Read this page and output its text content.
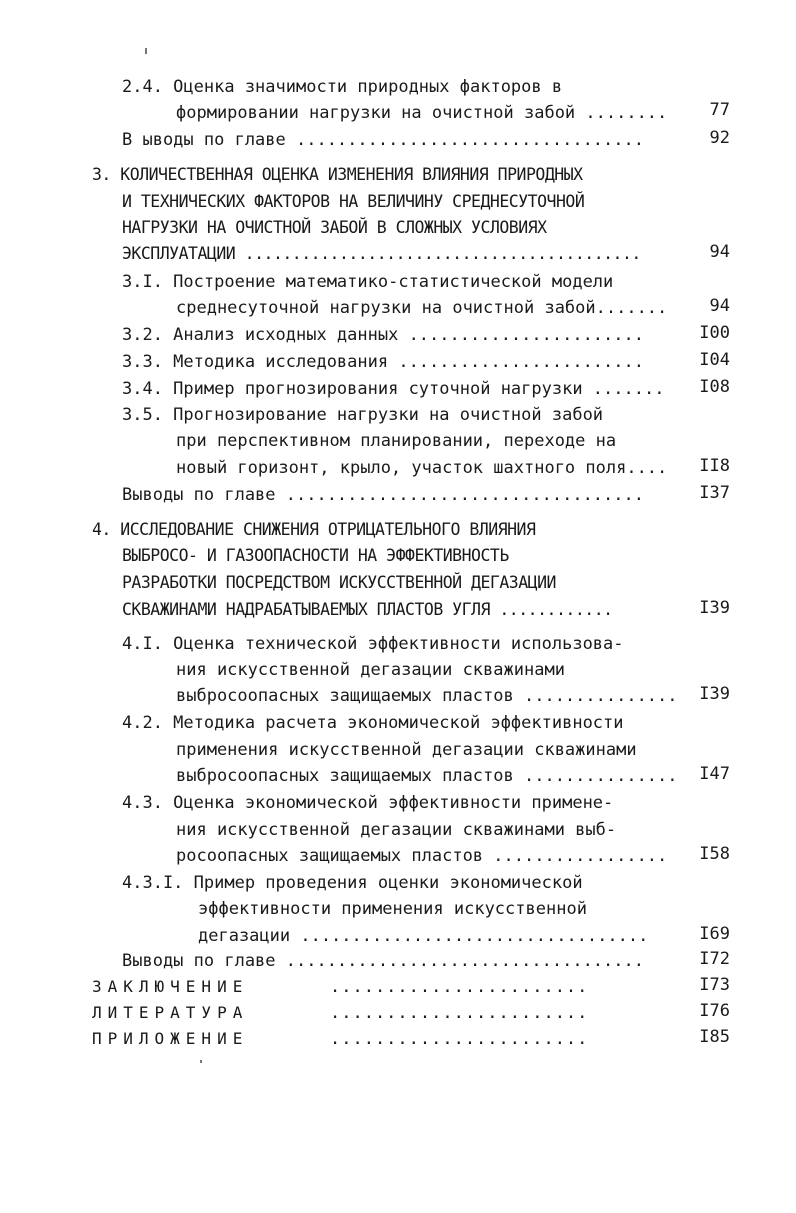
2.4. Оценка значимости природных факторов в
формировании нагрузки на очистной забой ........	77
В ыводы по главе ..................................	92
3. КОЛИЧЕСТВЕННАЯ ОЦЕНКА ИЗМЕНЕНИЯ ВЛИЯНИЯ ПРИРОДНЫХ
И ТЕХНИЧЕСКИХ ФАКТОРОВ НА ВЕЛИЧИНУ СРЕДНЕСУТОЧНОЙ
НАГРУЗКИ НА ОЧИСТНОЙ ЗАБОЙ В СЛОЖНЫХ УСЛОВИЯХ
ЭКСПЛУАТАЦИИ ..........................................	94
3.I. Построение математико-статистической модели
среднесуточной нагрузки на очистной забой.......	94
3.2. Анализ исходных данных .......................	I00
3.3. Методика исследования ........................	I04
3.4. Пример прогнозирования суточной нагрузки .......	I08
3.5. Прогнозирование нагрузки на очистной забой
при перспективном планировании, переходе на
новый горизонт, крыло, участок шахтного поля....	II8
Выводы по главе ...................................	I37
4. ИССЛЕДОВАНИЕ СНИЖЕНИЯ ОТРИЦАТЕЛЬНОГО ВЛИЯНИЯ
ВЫБРОСО- И ГАЗООПАСНОСТИ НА ЭФФЕКТИВНОСТЬ
РАЗРАБОТКИ ПОСРЕДСТВОМ ИСКУССТВЕННОЙ ДЕГАЗАЦИИ
СКВАЖИНАМИ НАДРАБАТЫВАЕМЫХ ПЛАСТОВ УГЛЯ ............	I39
4.I. Оценка технической эффективности использова-
ния искусственной дегазации скважинами
выбросоопасных защищаемых пластов ...............	I39
4.2. Методика расчета экономической эффективности
применения искусственной дегазации скважинами
выбросоопасных защищаемых пластов ...............	I47
4.3. Оценка экономической эффективности примене-
ния искусственной дегазации скважинами выб-
росоопасных защищаемых пластов .................	I58
4.3.I. Пример проведения оценки экономической
эффективности применения искусственной
дегазации ..................................	I69
Выводы по главе ...................................	I72
ЗАКЛЮЧЕНИЕ	.......................	I73
ЛИТЕРАТУРА	.......................	I76
ПРИЛОЖЕНИЕ	.......................	I85
